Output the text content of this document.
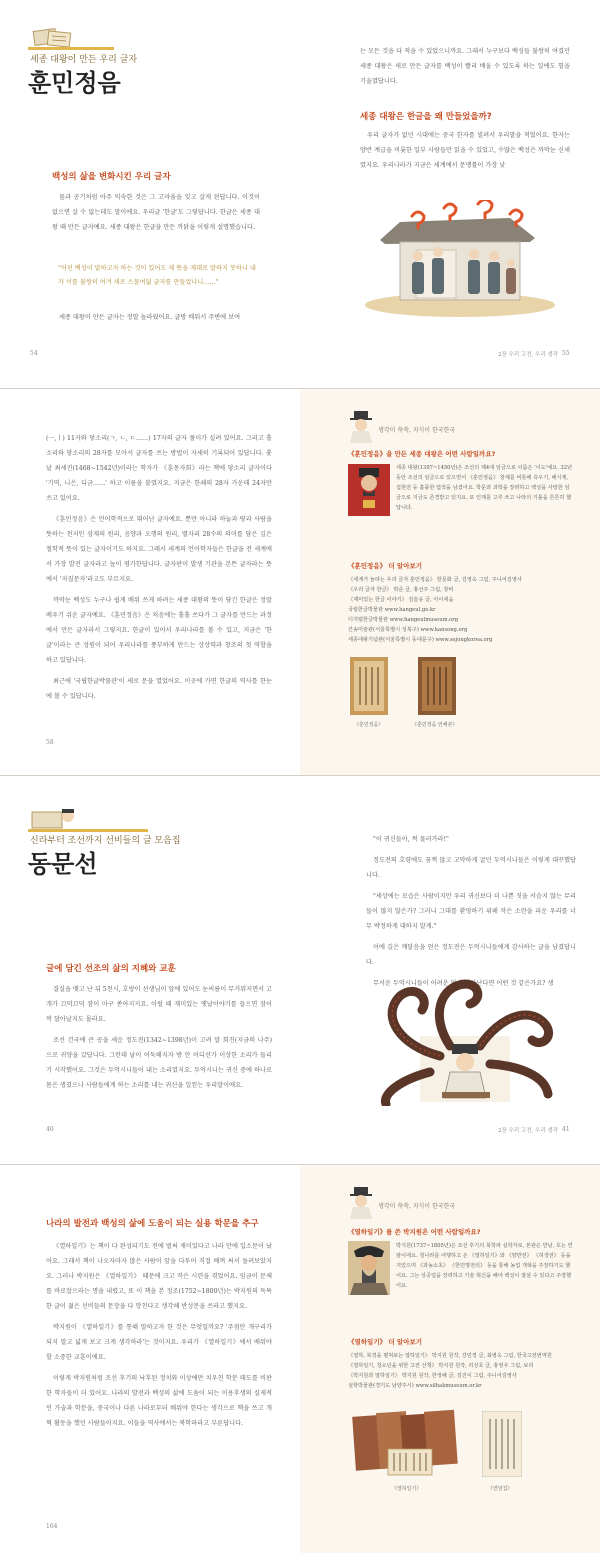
세종 대왕이 만든 우리 글자
훈민정음
백성의 삶을 변화시킨 우리 글자

물과 공기처럼 아주 익숙한 것은 그 고마움을 잊고 살게 된답니다. 이것이 없으면 살 수 없는데도 말이에요. 우리글 '한글'도 그렇답니다. 한글은 세종 대왕 때 만든 글자예요. 세종 대왕은 한글을 만든 까닭을 이렇게 설명했습니다.

"어린 백성이 말하고자 하는 것이 있어도 제 뜻을 제대로 말하지 못하니 내가 이를 불쌍히 여겨 새로 스물여덟 글자를 만들었나니……"

세종 대왕이 만든 글자는 정말 놀라웠어요. 글방 배워서 주변에 보여

54

는 모든 것을 다 적을 수 있었으니까요. 그래서 누구보다 백성들 불쌍히 여겼던 세종 대왕은 새로 만든 글자를 백성이 빨리 배울 수 있도록 하는 일에도 힘을 기울였답니다.

세종 대왕은 한글을 왜 만들었을까?

우리 글자가 없던 시대에는 중국 한자를 빌려서 우리말을 적었어요. 한자는 양반 계급을 비롯한 일부 사람들만 읽을 수 있었고, 수많은 백성은 까막눈 신세였지요. 우리나라가 지금은 세계에서 문맹률이 가장 낮

2장 우리 고전, 우리 생각 55

(ㅡ,ㅣ) 11자와 닿소리(ㄱ, ㄴ, ㄷ……) 17자의 글자 풀이가 실려 있어요. 그리고 홀소리와 닿소리의 28자를 모아서 글자를 쓰는 방법이 자세히 기록되어 있답니다. 훗날 최세진(1468~1542년)이라는 학자가 《훈몽자회》라는 책에 닿소리 글자이다 '기역, 니은, 디귿……' 하고 이름을 붙였지요. 지금은 한쇄의 28자 가운데 24자만 쓰고 있어요.

《훈민정음》은 언어학적으로 뛰어난 글자예요. 뿐만 아니라 하늘과 땅과 사람을 뜻하는 천지인 삼재의 원리, 음양과 오행의 원리, 별자리 28수의 의미를 담은 깊은 철학적 뜻이 있는 글자이기도 하지요. 그래서 세계의 언어학자들은 한글을 전 세계에서 가장 발전 글자라고 높이 평가한답니다. 글자판이 발생 기관을 본뜬 글자라는 뜻에서 '자질문자'라고도 부르지요.

까막눈 백성도 누구나 쉽게 배워 쓰게 하려는 세종 대왕의 뜻이 담긴 한글은 정말 배우기 쉬운 글자예요. 《훈민정음》은 처음에는 홀홀 쓰다가 그 글자를 만드는 과정에서 만든 글자라서 그렇지요. 한글이 있어서 우리나라를 볼 수 있고, 지금은 '한글'이라는 큰 성원이 되어 우리나라를 풍부하게 만드는 상상력과 창조의 첫 역할을 하고 있답니다.

최근에 '국립한글박물관'이 새로 문을 열었어요. 이곳에 가면 한글의 역사를 한눈에 볼 수 있답니다.

58
생각이 쑥쑥, 지식이 한국한국
《훈민정음》을 만든 세종 대왕은 어떤 사람일까요?
세종 대왕(1397~1450년)은 조선의 제4대 임금으로 이름은 '이도'예요. 32년 동안 조선의 임금으로 있으면서 《훈민정음》 창제를 비롯해 측우기, 해시계, 집현전 등 훌륭한 업적을 남겼어요. 학문과 과학을 장려하고 백성을 사랑한 임금으로 지금도 존경받고 있지요. 또 인재를 고루 쓰고 나라의 기틀을 튼튼히 했답니다.
《훈민정음》 더 알아보기
《세계가 놀라는 우리 글자 훈민정음》 한문화 글, 김영옥 그림, 주니어김영사
《우리 글자 한글》 박준 글, 홍선주 그림, 창비
《재미있는 한글 이야기》 김슬옹 글, 아이세움
국립한글박물관 www.hangeul.go.kr
디지털한글박물관 www.hangeulmuseum.org
간송미술관(서울특별시 성북구) www.kansong.org
세종대왕기념관(서울특별시 동대문구) www.sejongkorea.org
《훈민정음》	《훈민정음 언해본》
신라부터 조선까지 선비들의 글 모음집
동문선
글에 담긴 선조의 삶의 지혜와 교훈

결실을 맺고 난 뒤 5천시, 호랑이 선생님이 앞에 있어도 눈씨름이 무거워지면서 고개가 끄덕끄덕 잠이 마구 쏟아지지요. 이럴 때 재미있는 옛날이야기를 들으면 잠이 싹 달아날지도 몰라요.

조선 건국에 큰 공을 세운 정도전(1342~1398년)이 고려 말 회진(지금의 나주)으로 귀양을 갔답니다. 그런데 날이 어둑해지자 방 안 어디선가 이상한 소리가 들리기 시작했어요. 그것은 두억시니들이 내는 소리였지요. 두억시니는 귀신 중에 하나로 몸은 생겼으나 사람들에게 하는 소리를 내는 귀신을 일컫는 우리말이에요.

40

"이 귀신들아, 썩 물러가라!"

정도전의 호령에도 꿈쩍 않고 고약하게 굴던 두억시니들은 이렇게 대꾸했답니다.

"세상에는 모습은 사람이지만 우리 귀신보다 더 나쁜 짓을 서슴지 않는 무리들이 많지 않은가? 그러니 그대를 환영하기 위해 작은 소란을 피운 우리를 너무 박정하게 대하지 말게."

이에 깊은 깨달음을 얻은 정도전은 두억시니들에게 감사하는 글을 남겼답니다.

무서운 두억시니들이 어려운 앞에 나타난다면 어떤 것 같은가요? 생

2장 우리 고전, 우리 생각 41
나라의 발전과 백성의 삶에 도움이 되는 실용 학문을 추구

《열하일기》는 책이 다 완성되기도 전에 벌써 재미있다고 나라 안에 입소문이 났어요. 그래서 책이 나오자마자 많은 사람이 앞을 다투어 직접 베껴 써서 돌려보았지요. 그러나 박지원은 《열하일기》 때문에 크고 작은 시련을 겪었어요. 임금이 문체를 바로잡으라는 명을 내렸고, 또 이 책을 본 정조(1752~1800년)는 박지원의 독특한 글이 젊은 선비들의 문장을 다 망친다고 생각해 반성문을 쓰라고 했지요.

박지원이 《열하일기》를 통해 말하고자 한 것은 무엇일까요? '주점안 개구리가 되지 말고 넓게 보고 크게 생각하라'는 것이지요. 우리가 《열하일기》에서 배워야 할 소중한 교훈이에요.

이렇게 박지원처럼 조선 후기의 낙후된 정치와 이상에만 치우친 학문 태도를 비판한 학자들이 더 있어요. 나라의 발전과 백성의 삶에 도움이 되는 이용후생의 실제적인 가술과 학문을, 중국이나 다른 나라로부터 배워야 한다는 생각으로 책을 쓰고 개혁 활동을 했던 사람들이지요. 이들을 역사에서는 북학파라고 부른답니다.

164
생각이 쑥쑥, 지식이 한국한국
《열하일기》를 쓴 박지원은 어떤 사람일까요?
박지원(1737~1805년)은 조선 후기의 북학파 실학자로, 본관은 반남, 호는 연암이에요. 청나라를 여행하고 온 《열하일기》와 《양반전》 《허생전》 등을 지었으며 《과농소초》 《한민명전의》 등을 통해 농업 개혁을 주장하기도 했어요. 그는 상공업을 장려하고 기술 혁신을 해야 백성이 잘살 수 있다고 주장했어요.
《열하일기》 더 알아보기
《열하, 북경을 펼쳐보는 열하일기》 박지원 원작, 강민경 글, 최병옥 그림, 한국고전번역원
《열하일기, 청소년을 위한 고전 산책》 박지원 원작, 리상호 글, 홍영우 그림, 보리
《박지원과 열하일기》 박지원 원작, 한정혜 글, 김진이 그림, 주니어김영사
실학박물관(경기도 남양주시) www.silhakmuseum.or.kr
《열하일기》	《연암집》
